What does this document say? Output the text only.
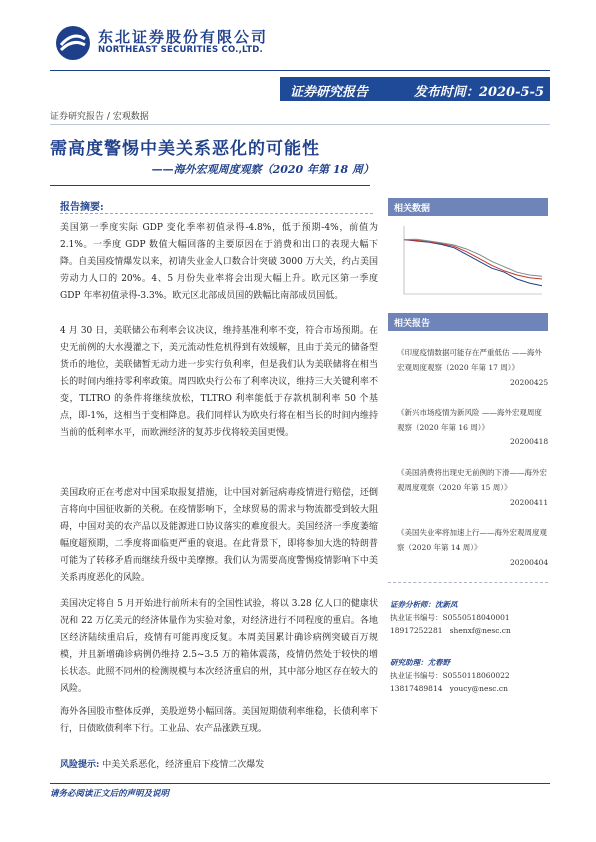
东北证券股份有限公司
NORTHEAST SECURITIES CO.,LTD.
证券研究报告	发布时间：2020-5-5
证券研究报告 / 宏观数据
需高度警惕中美关系恶化的可能性
——海外宏观周度观察（2020 年第 18 周）
报告摘要:

美国第一季度实际 GDP 变化季率初值录得-4.8%，低于预期-4%，前值为 2.1%。一季度 GDP 数值大幅回落的主要原因在于消费和出口的表现大幅下降。自美国疫情爆发以来，初请失业金人口数合计突破 3000 万大关，约占美国劳动力人口的 20%。4、5 月份失业率将会出现大幅上升。欧元区第一季度 GDP 年率初值录得-3.3%。欧元区北部成员国的跌幅比南部成员国低。

4 月 30 日，美联储公布利率会议决议，维持基准利率不变，符合市场预期。在史无前例的大水漫灌之下，美元流动性危机得到有效缓解，且由于美元的储备型货币的地位，美联储暂无动力进一步实行负利率，但是我们认为美联储将在相当长的时间内维持零利率政策。周四欧央行公布了利率决议，维持三大关键利率不变，TLTRO 的条件将继续放松，TLTRO 利率能低于存款机制利率 50 个基点，即-1%，这相当于变相降息。我们同样认为欧央行将在相当长的时间内维持当前的低利率水平，而欧洲经济的复苏步伐将较美国更慢。

美国政府正在考虑对中国采取报复措施，让中国对新冠病毒疫情进行赔偿，还倒言将向中国征收新的关税。在疫情影响下，全球贸易的需求与物流都受到较大阻碍，中国对美的农产品以及能源进口协议落实的难度很大。美国经济一季度萎缩幅度超预期，二季度将面临更严重的衰退。在此背景下，即将参加大选的特朗普可能为了转移矛盾而继续升级中美摩擦。我们认为需要高度警惕疫情影响下中美关系再度恶化的风险。

美国决定将自 5 月开始进行前所未有的全国性试验，将以 3.28 亿人口的健康状况和 22 万亿美元的经济体量作为实验对象，对经济进行不同程度的重启。各地区经济陆续重启后，疫情有可能再度反复。本周美国累计确诊病例突破百万规模，并且新增确诊病例仍维持 2.5~3.5 万的箱体震荡，疫情仍然处于较快的增长状态。此照不同州的检测规模与本次经济重启的州，其中部分地区存在较大的风险。

海外各国股市整体反弹，美股逆势小幅回落。美国短期债利率维稳，长债利率下行，日债欧债利率下行。工业品、农产品涨跌互现。

风险提示: 中美关系恶化，经济重启下疫情二次爆发
请务必阅读正文后的声明及说明
相关数据
相关报告
《印度疫情数据可能存在严重低估 ——海外宏观周度观察（2020 年第 17 周）》
20200425
《新兴市场疫情为新风险 ——海外宏观周度观察（2020 年第 16 周）》
20200418
《美国消费将出现史无前例的下滑——海外宏观周度观察（2020 年第 15 周）》
20200411
《美国失业率将加速上行——海外宏观周度观察（2020 年第 14 周）》
20200404
证券分析师：沈新凤
执业证书编号：S0550518040001
18917252281 shenxf@nesc.cn
研究助理：尤春野
执业证书编号：S0550118060022
13817489814 youcy@nesc.cn
